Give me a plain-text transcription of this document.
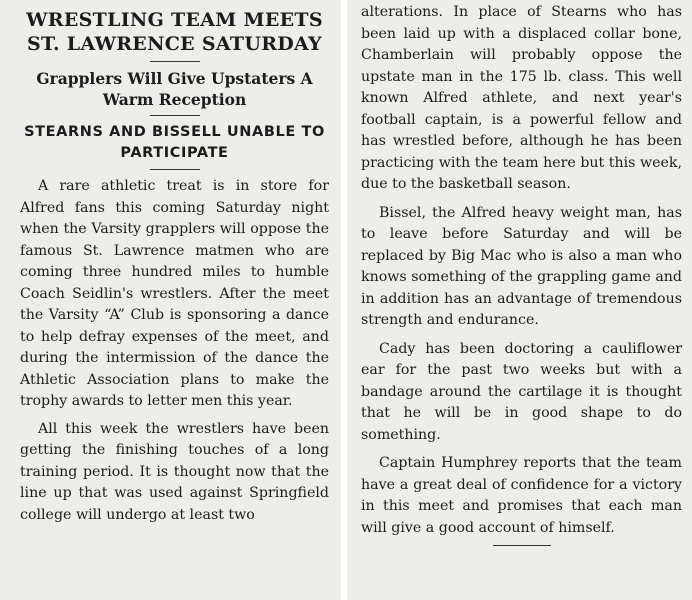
WRESTLING TEAM MEETS ST. LAWRENCE SATURDAY
Grapplers Will Give Upstaters A Warm Reception
STEARNS AND BISSELL UNABLE TO PARTICIPATE

A rare athletic treat is in store for Alfred fans this coming Saturday night when the Varsity grapplers will oppose the famous St. Lawrence matmen who are coming three hundred miles to humble Coach Seidlin's wrestlers. After the meet the Varsity “A” Club is sponsoring a dance to help defray expenses of the meet, and during the intermission of the dance the Athletic Association plans to make the trophy awards to letter men this year.

All this week the wrestlers have been getting the finishing touches of a long training period. It is thought now that the line up that was used against Springfield college will undergo at least two

alterations. In place of Stearns who has been laid up with a displaced collar bone, Chamberlain will probably oppose the upstate man in the 175 lb. class. This well known Alfred athlete, and next year's football captain, is a powerful fellow and has wrestled before, although he has been practicing with the team here but this week, due to the basketball season.

Bissel, the Alfred heavy weight man, has to leave before Saturday and will be replaced by Big Mac who is also a man who knows something of the grappling game and in addition has an advantage of tremendous strength and endurance.

Cady has been doctoring a cauliflower ear for the past two weeks but with a bandage around the cartilage it is thought that he will be in good shape to do something.

Captain Humphrey reports that the team have a great deal of confidence for a victory in this meet and promises that each man will give a good account of himself.
